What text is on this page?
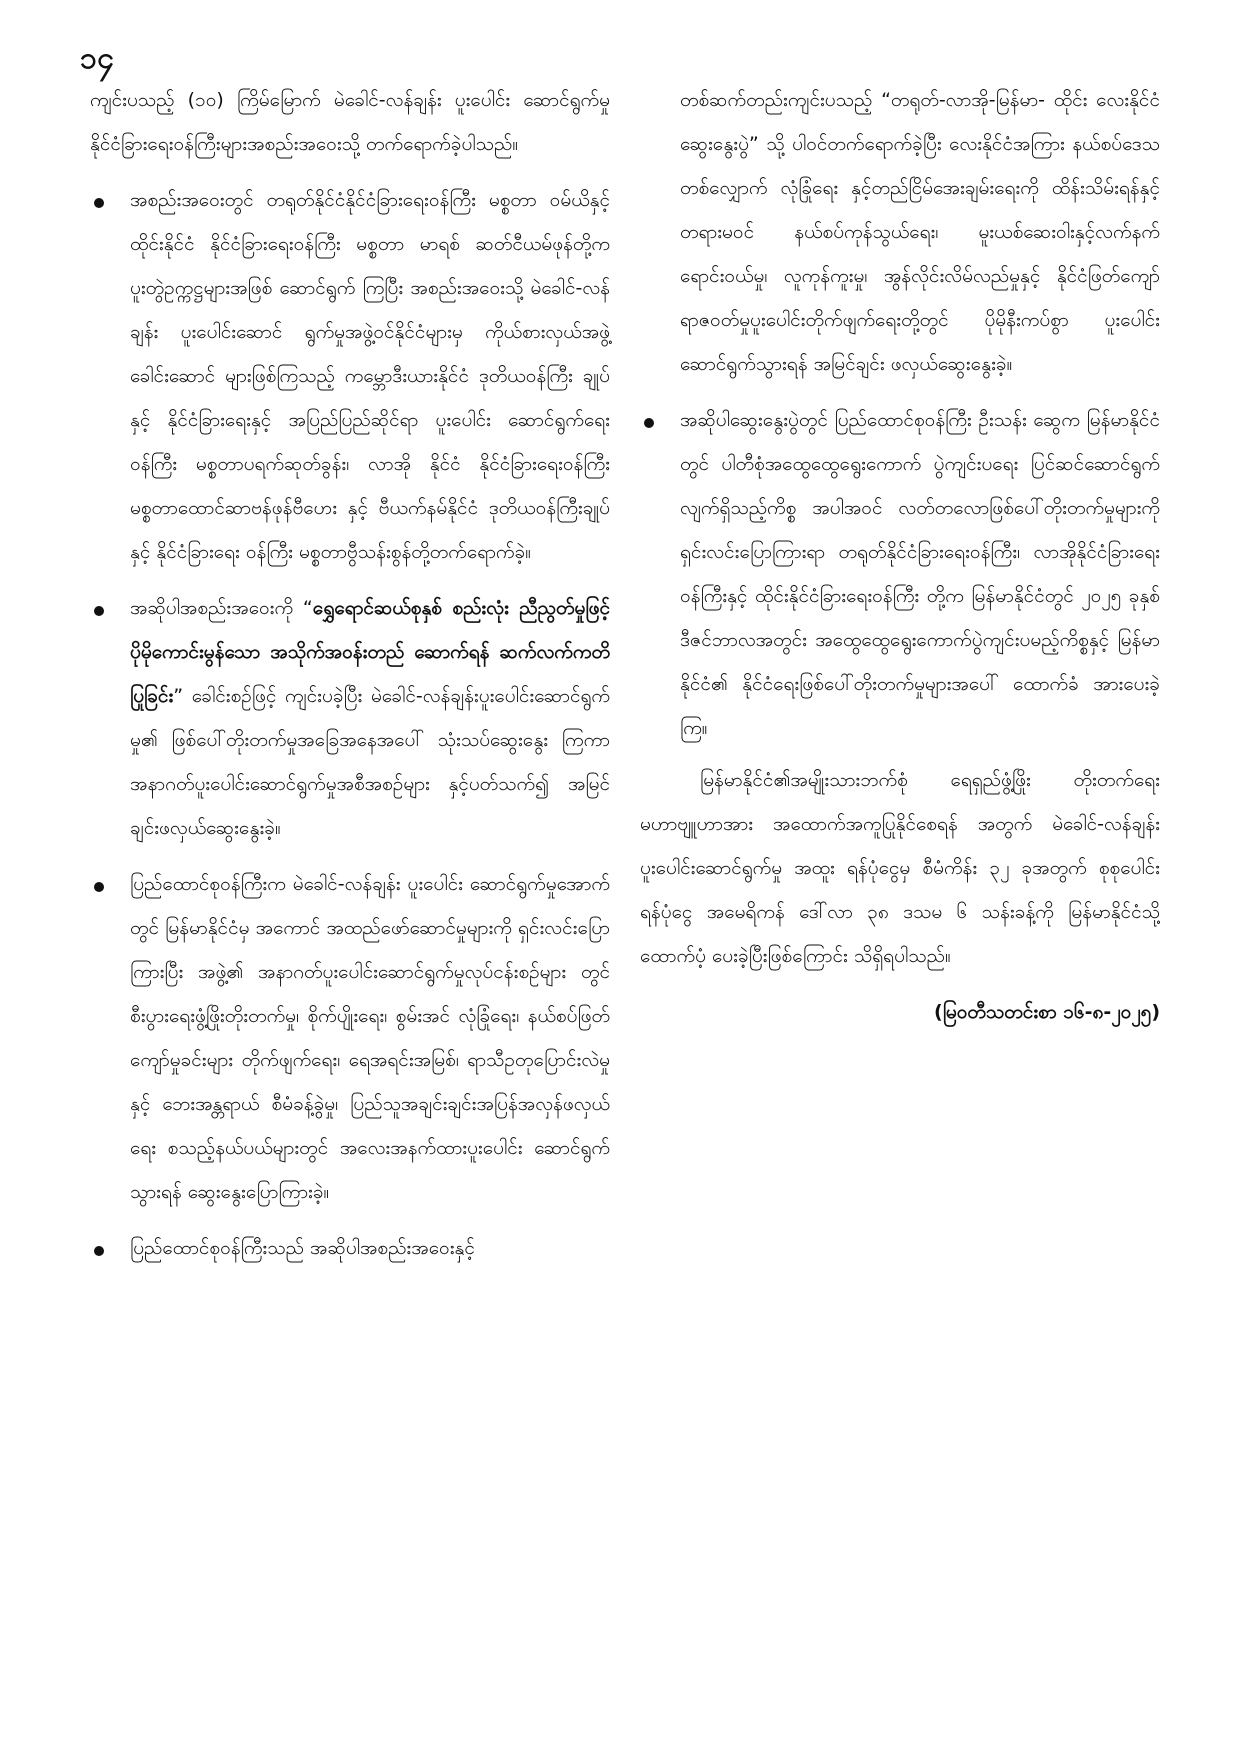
၁၄

ကျင်းပသည့် (၁၀) ကြိမ်မြောက် မဲခေါင်-လန်ချန်း ပူးပေါင်း ဆောင်ရွက်မှု နိုင်ငံခြားရေးဝန်ကြီးများအစည်းအဝေးသို့ တက်ရောက်ခဲ့ပါသည်။

အစည်းအဝေးတွင် တရုတ်နိုင်ငံနိုင်ငံခြားရေးဝန်ကြီး မစ္စတာ ဝမ်ယိနှင့် ထိုင်းနိုင်ငံ နိုင်ငံခြားရေးဝန်ကြီး မစ္စတာ မာရစ် ဆတ်ငီယမ်ဖုန်တို့က ပူးတွဲဥက္ကဋ္ဌများအဖြစ် ဆောင်ရွက် ကြပြီး အစည်းအဝေးသို့ မဲခေါင်-လန်ချန်း ပူးပေါင်းဆောင် ရွက်မှုအဖွဲ့ဝင်နိုင်ငံများမှ ကိုယ်စားလှယ်အဖွဲ့ခေါင်းဆောင် များဖြစ်ကြသည့် ကမ္ဘောဒီးယားနိုင်ငံ ဒုတိယဝန်ကြီး ချုပ်နှင့် နိုင်ငံခြားရေးနှင့် အပြည်ပြည်ဆိုင်ရာ ပူးပေါင်း ဆောင်ရွက်ရေးဝန်ကြီး မစ္စတာပရက်ဆုတ်ခွန်း၊ လာအို နိုင်ငံ နိုင်ငံခြားရေးဝန်ကြီး မစ္စတာထောင်ဆာဗန်ဖုန်ဗီဟေး နှင့် ဗီယက်နမ်နိုင်ငံ ဒုတိယဝန်ကြီးချုပ်နှင့် နိုင်ငံခြားရေး ဝန်ကြီး မစ္စတာဗွီသန်းစွန်တို့တက်ရောက်ခဲ့။

အဆိုပါအစည်းအဝေးကို “ရွှေရောင်ဆယ်စုနှစ် စည်းလုံး ညီညွတ်မှုဖြင့် ပိုမိုကောင်းမွန်သော အသိုက်အဝန်းတည် ဆောက်ရန် ဆက်လက်ကတိပြုခြင်း” ခေါင်းစဉ်ဖြင့် ကျင်းပခဲ့ပြီး မဲခေါင်-လန်ချန်းပူးပေါင်းဆောင်ရွက်မှု၏ ဖြစ်ပေါ်တိုးတက်မှုအခြေအနေအပေါ် သုံးသပ်ဆွေးနွေး ကြကာ အနာဂတ်ပူးပေါင်းဆောင်ရွက်မှုအစီအစဉ်များ နှင့်ပတ်သက်၍ အမြင်ချင်းဖလှယ်ဆွေးနွေးခဲ့။

ပြည်ထောင်စုဝန်ကြီးက မဲခေါင်-လန်ချန်း ပူးပေါင်း ဆောင်ရွက်မှုအောက်တွင် မြန်မာနိုင်ငံမှ အကောင် အထည်ဖော်ဆောင်မှုများကို ရှင်းလင်းပြောကြားပြီး အဖွဲ့၏ အနာဂတ်ပူးပေါင်းဆောင်ရွက်မှုလုပ်ငန်းစဉ်များ တွင် စီးပွားရေးဖွံ့ဖြိုးတိုးတက်မှု၊ စိုက်ပျိုးရေး၊ စွမ်းအင် လုံခြုံရေး၊ နယ်စပ်ဖြတ်ကျော်မှုခင်းများ တိုက်ဖျက်ရေး၊ ရေအရင်းအမြစ်၊ ရာသီဥတုပြောင်းလဲမှုနှင့် ဘေးအန္တရာယ် စီမံခန့်ခွဲမှု၊ ပြည်သူအချင်းချင်းအပြန်အလှန်ဖလှယ်ရေး စသည့်နယ်ပယ်များတွင် အလေးအနက်ထားပူးပေါင်း ဆောင်ရွက်သွားရန် ဆွေးနွေးပြောကြားခဲ့။

ပြည်ထောင်စုဝန်ကြီးသည် အဆိုပါအစည်းအဝေးနှင့်

တစ်ဆက်တည်းကျင်းပသည့် “တရုတ်-လာအို-မြန်မာ- ထိုင်း လေးနိုင်ငံဆွေးနွေးပွဲ” သို့ ပါဝင်တက်ရောက်ခဲ့ပြီး လေးနိုင်ငံအကြား နယ်စပ်ဒေသတစ်လျှောက် လုံခြုံရေး နှင့်တည်ငြိမ်အေးချမ်းရေးကို ထိန်းသိမ်းရန်နှင့် တရားမဝင် နယ်စပ်ကုန်သွယ်ရေး၊ မူးယစ်ဆေးဝါးနှင့်လက်နက် ရောင်းဝယ်မှု၊ လူကုန်ကူးမှု၊ အွန်လိုင်းလိမ်လည်မှုနှင့် နိုင်ငံဖြတ်ကျော် ရာဇဝတ်မှုပူးပေါင်းတိုက်ဖျက်ရေးတို့တွင် ပိုမိုနီးကပ်စွာ ပူးပေါင်းဆောင်ရွက်သွားရန် အမြင်ချင်း ဖလှယ်ဆွေးနွေးခဲ့။

အဆိုပါဆွေးနွေးပွဲတွင် ပြည်ထောင်စုဝန်ကြီး ဦးသန်း ဆွေက မြန်မာနိုင်ငံတွင် ပါတီစုံအထွေထွေရွေးကောက် ပွဲကျင်းပရေး ပြင်ဆင်ဆောင်ရွက်လျက်ရှိသည့်ကိစ္စ အပါအဝင် လတ်တလောဖြစ်ပေါ်တိုးတက်မှုများကို ရှင်းလင်းပြောကြားရာ တရုတ်နိုင်ငံခြားရေးဝန်ကြီး၊ လာအိုနိုင်ငံခြားရေးဝန်ကြီးနှင့် ထိုင်းနိုင်ငံခြားရေးဝန်ကြီး တို့က မြန်မာနိုင်ငံတွင် ၂၀၂၅ ခုနှစ် ဒီဇင်ဘာလအတွင်း အထွေထွေရွေးကောက်ပွဲကျင်းပမည့်ကိစ္စနှင့် မြန်မာ နိုင်ငံ၏ နိုင်ငံရေးဖြစ်ပေါ်တိုးတက်မှုများအပေါ် ထောက်ခံ အားပေးခဲ့ကြ။

မြန်မာနိုင်ငံ၏အမျိုးသားဘက်စုံ ရေရှည်ဖွံ့ဖြိုး တိုးတက်ရေးမဟာဗျူဟာအား အထောက်အကူပြုနိုင်စေရန် အတွက် မဲခေါင်-လန်ချန်း ပူးပေါင်းဆောင်ရွက်မှု အထူး ရန်ပုံငွေမှ စီမံကိန်း ၃၂ ခုအတွက် စုစုပေါင်းရန်ပုံငွေ အမေရိကန် ဒေါ်လာ ၃၈ ဒသမ ၆ သန်းခန့်ကို မြန်မာနိုင်ငံသို့ ထောက်ပံ့ ပေးခဲ့ပြီးဖြစ်ကြောင်း သိရှိရပါသည်။

(မြဝတီသတင်းစာ ၁၆-၈-၂၀၂၅)
